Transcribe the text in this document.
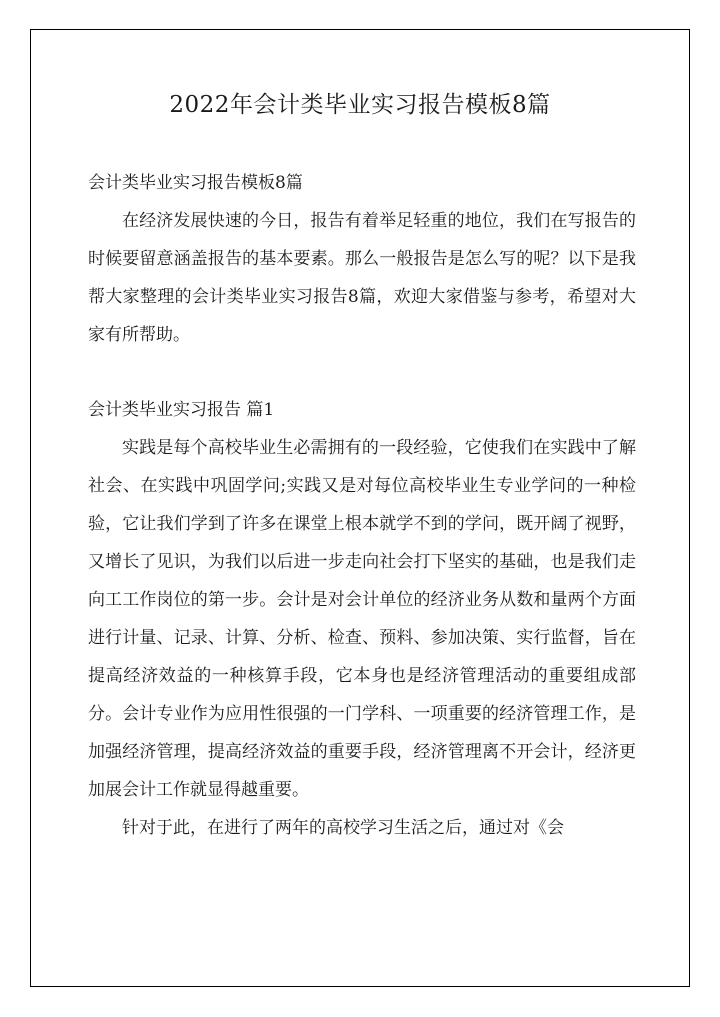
2022年会计类毕业实习报告模板8篇
会计类毕业实习报告模板8篇

在经济发展快速的今日，报告有着举足轻重的地位，我们在写报告的时候要留意涵盖报告的基本要素。那么一般报告是怎么写的呢？以下是我帮大家整理的会计类毕业实习报告8篇，欢迎大家借鉴与参考，希望对大家有所帮助。

会计类毕业实习报告 篇1

实践是每个高校毕业生必需拥有的一段经验，它使我们在实践中了解社会、在实践中巩固学问;实践又是对每位高校毕业生专业学问的一种检验，它让我们学到了许多在课堂上根本就学不到的学问，既开阔了视野，又增长了见识，为我们以后进一步走向社会打下坚实的基础，也是我们走向工工作岗位的第一步。会计是对会计单位的经济业务从数和量两个方面进行计量、记录、计算、分析、检查、预料、参加决策、实行监督，旨在提高经济效益的一种核算手段，它本身也是经济管理活动的重要组成部分。会计专业作为应用性很强的一门学科、一项重要的经济管理工作，是加强经济管理，提高经济效益的重要手段，经济管理离不开会计，经济更加展会计工作就显得越重要。

针对于此，在进行了两年的高校学习生活之后，通过对《会
